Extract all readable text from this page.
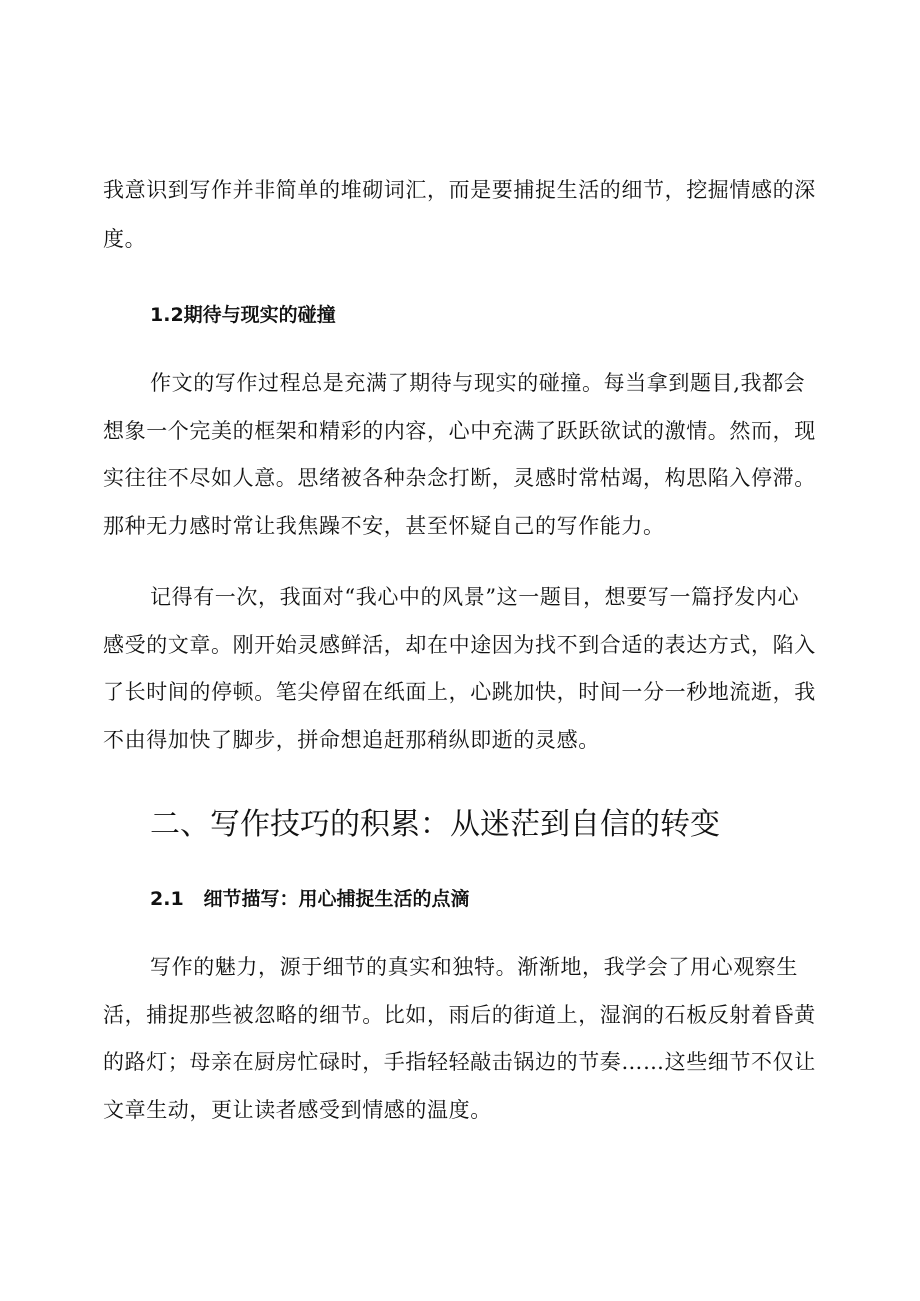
我意识到写作并非简单的堆砌词汇，而是要捕捉生活的细节，挖掘情感的深
度。
1.2期待与现实的碰撞
作文的写作过程总是充满了期待与现实的碰撞。每当拿到题目,我都会
想象一个完美的框架和精彩的内容，心中充满了跃跃欲试的激情。然而，现
实往往不尽如人意。思绪被各种杂念打断，灵感时常枯竭，构思陷入停滞。
那种无力感时常让我焦躁不安，甚至怀疑自己的写作能力。
记得有一次，我面对“我心中的风景”这一题目，想要写一篇抒发内心
感受的文章。刚开始灵感鲜活，却在中途因为找不到合适的表达方式，陷入
了长时间的停顿。笔尖停留在纸面上，心跳加快，时间一分一秒地流逝，我
不由得加快了脚步，拼命想追赶那稍纵即逝的灵感。
二、写作技巧的积累：从迷茫到自信的转变
2.1   细节描写：用心捕捉生活的点滴
写作的魅力，源于细节的真实和独特。渐渐地，我学会了用心观察生
活，捕捉那些被忽略的细节。比如，雨后的街道上，湿润的石板反射着昏黄
的路灯；母亲在厨房忙碌时，手指轻轻敲击锅边的节奏……这些细节不仅让
文章生动，更让读者感受到情感的温度。
